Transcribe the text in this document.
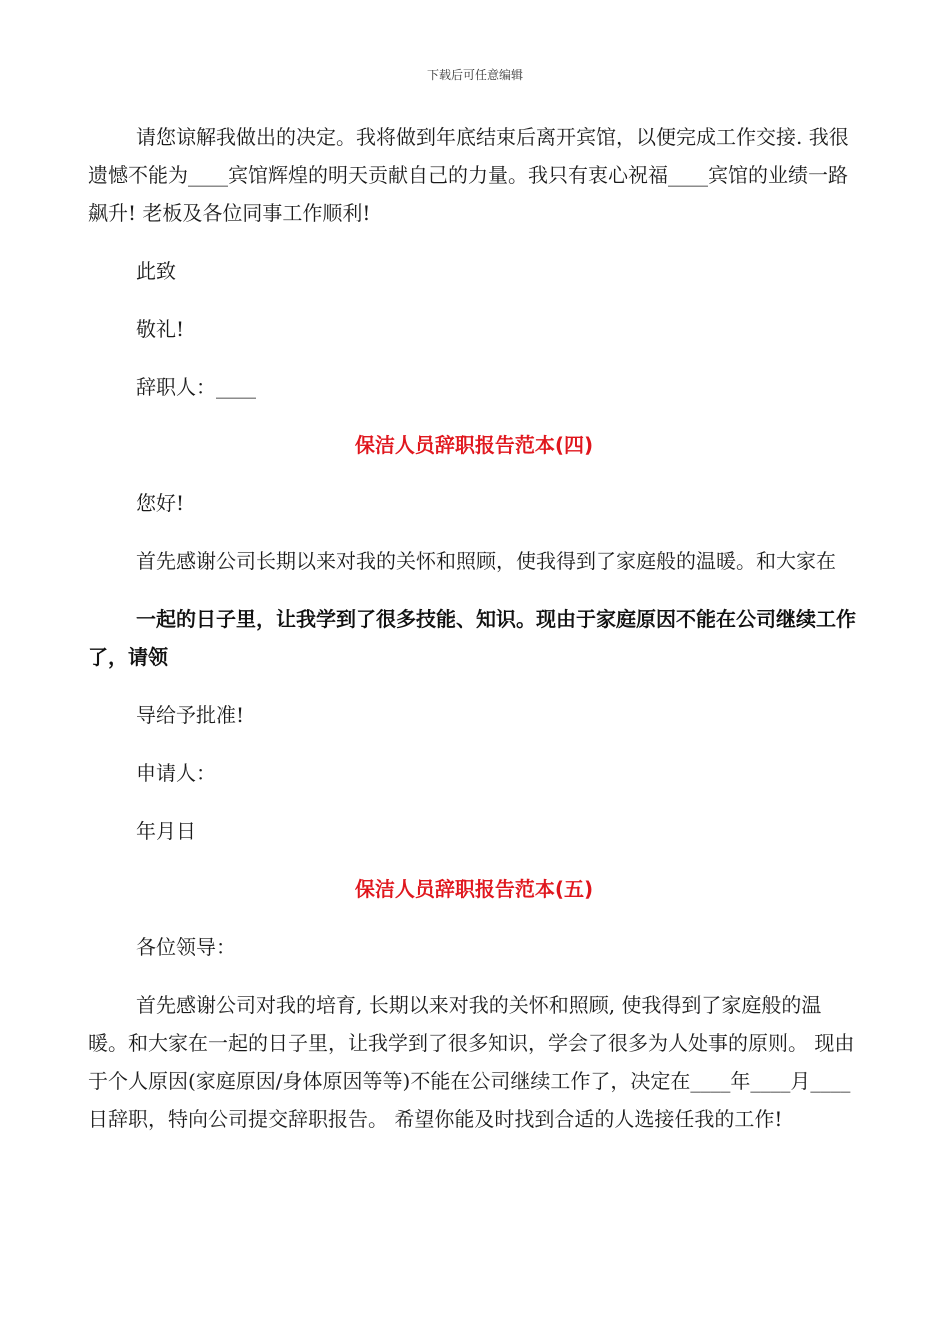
下载后可任意编辑

请您谅解我做出的决定。我将做到年底结束后离开宾馆，以便完成工作交接. 我很遗憾不能为____宾馆辉煌的明天贡献自己的力量。我只有衷心祝福____宾馆的业绩一路飙升! 老板及各位同事工作顺利!

此致

敬礼!

辞职人：____

保洁人员辞职报告范本(四)

您好!

首先感谢公司长期以来对我的关怀和照顾，使我得到了家庭般的温暖。和大家在

一起的日子里，让我学到了很多技能、知识。现由于家庭原因不能在公司继续工作了，请领

导给予批准!

申请人：

年月日

保洁人员辞职报告范本(五)

各位领导：

首先感谢公司对我的培育, 长期以来对我的关怀和照顾, 使我得到了家庭般的温暖。和大家在一起的日子里，让我学到了很多知识，学会了很多为人处事的原则。 现由于个人原因(家庭原因/身体原因等等)不能在公司继续工作了，决定在____年____月____日辞职，特向公司提交辞职报告。 希望你能及时找到合适的人选接任我的工作!
